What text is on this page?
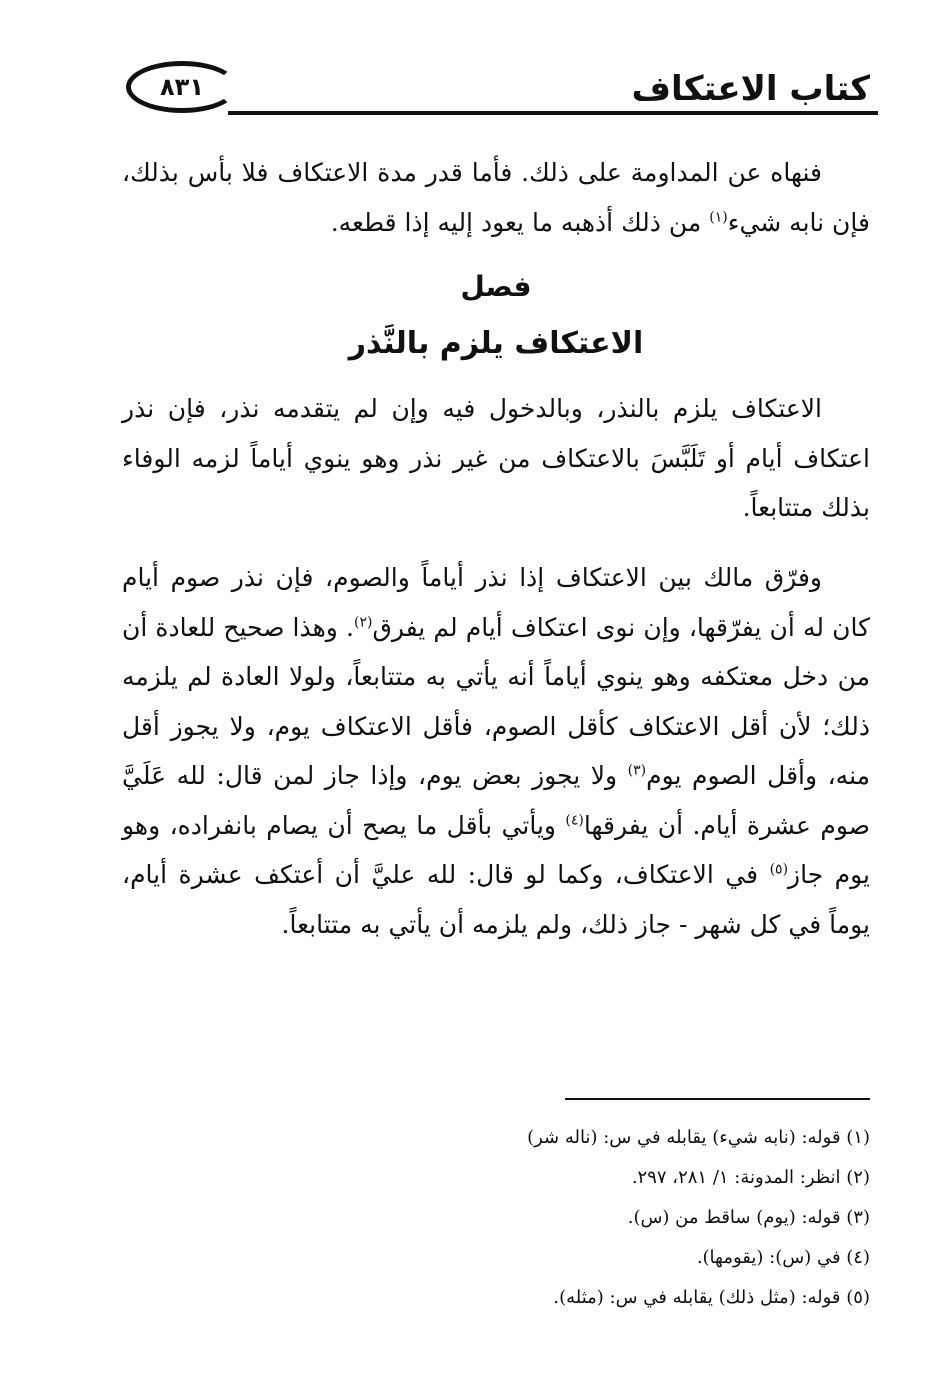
كتاب الاعتكاف
٨٣١
فنهاه عن المداومة على ذلك. فأما قدر مدة الاعتكاف فلا بأس بذلك، فإن نابه شيء$^{(١)}$ من ذلك أذهبه ما يعود إليه إذا قطعه.
فصل
الاعتكاف يلزم بالنَّذر
الاعتكاف يلزم بالنذر، وبالدخول فيه وإن لم يتقدمه نذر، فإن نذر اعتكاف أيام أو تَلَبَّسَ بالاعتكاف من غير نذر وهو ينوي أياماً لزمه الوفاء بذلك متتابعاً.
وفرّق مالك بين الاعتكاف إذا نذر أياماً والصوم، فإن نذر صوم أيام كان له أن يفرّقها، وإن نوى اعتكاف أيام لم يفرق$^{(٢)}$. وهذا صحيح للعادة أن من دخل معتكفه وهو ينوي أياماً أنه يأتي به متتابعاً، ولولا العادة لم يلزمه ذلك؛ لأن أقل الاعتكاف كأقل الصوم، فأقل الاعتكاف يوم، ولا يجوز أقل منه، وأقل الصوم يوم$^{(٣)}$ ولا يجوز بعض يوم، وإذا جاز لمن قال: لله عَلَيَّ صوم عشرة أيام. أن يفرقها$^{(٤)}$ ويأتي بأقل ما يصح أن يصام بانفراده، وهو يوم جاز$^{(٥)}$ في الاعتكاف، وكما لو قال: لله عليَّ أن أعتكف عشرة أيام، يوماً في كل شهر - جاز ذلك، ولم يلزمه أن يأتي به متتابعاً.
(١) قوله: (نابه شيء) يقابله في س: (ناله شر)
(٢) انظر: المدونة: ١/ ٢٨١، ٢٩٧.
(٣) قوله: (يوم) ساقط من (س).
(٤) في (س): (يقومها).
(٥) قوله: (مثل ذلك) يقابله في س: (مثله).
